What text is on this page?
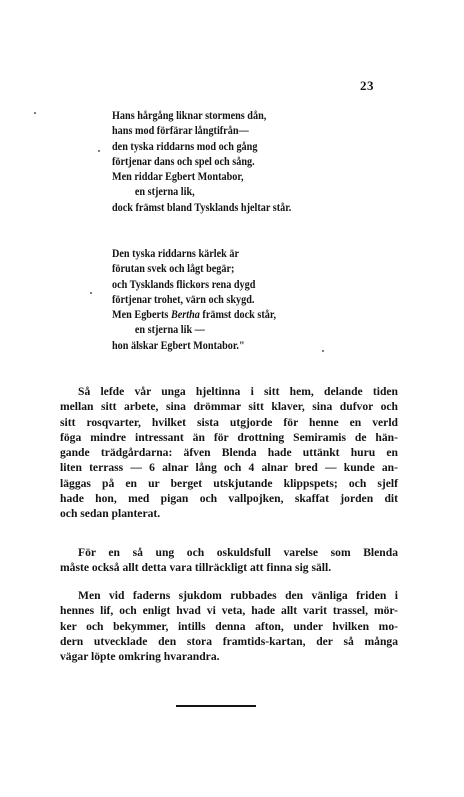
23
Hans hårgång liknar stormens dån,
hans mod förfärar långtifrån—
den tyska riddarns mod och gång
förtjenar dans och spel och sång.
Men riddar Egbert Montabor,
en stjerna lik,
dock främst bland Tysklands hjeltar står.
Den tyska riddarns kärlek är
förutan svek och lågt begär;
och Tysklands flickors rena dygd
förtjenar trohet, värn och skygd.
Men Egberts Bertha främst dock står,
en stjerna lik —
hon älskar Egbert Montabor."
Så lefde vår unga hjeltinna i sitt hem, delande tiden
mellan sitt arbete, sina drömmar sitt klaver, sina dufvor och
sitt rosqvarter, hvilket sista utgjorde för henne en verld
föga mindre intressant än för drottning Semiramis de hän-
gande trädgårdarna: äfven Blenda hade uttänkt huru en
liten terrass — 6 alnar lång och 4 alnar bred — kunde an-
läggas på en ur berget utskjutande klippspets; och sjelf
hade hon, med pigan och vallpojken, skaffat jorden dit
och sedan planterat.
För en så ung och oskuldsfull varelse som Blenda
måste också allt detta vara tillräckligt att finna sig säll.
Men vid faderns sjukdom rubbades den vänliga friden i
hennes lif, och enligt hvad vi veta, hade allt varit trassel, mör-
ker och bekymmer, intills denna afton, under hvilken mo-
dern utvecklade den stora framtids-kartan, der så många
vägar löpte omkring hvarandra.
